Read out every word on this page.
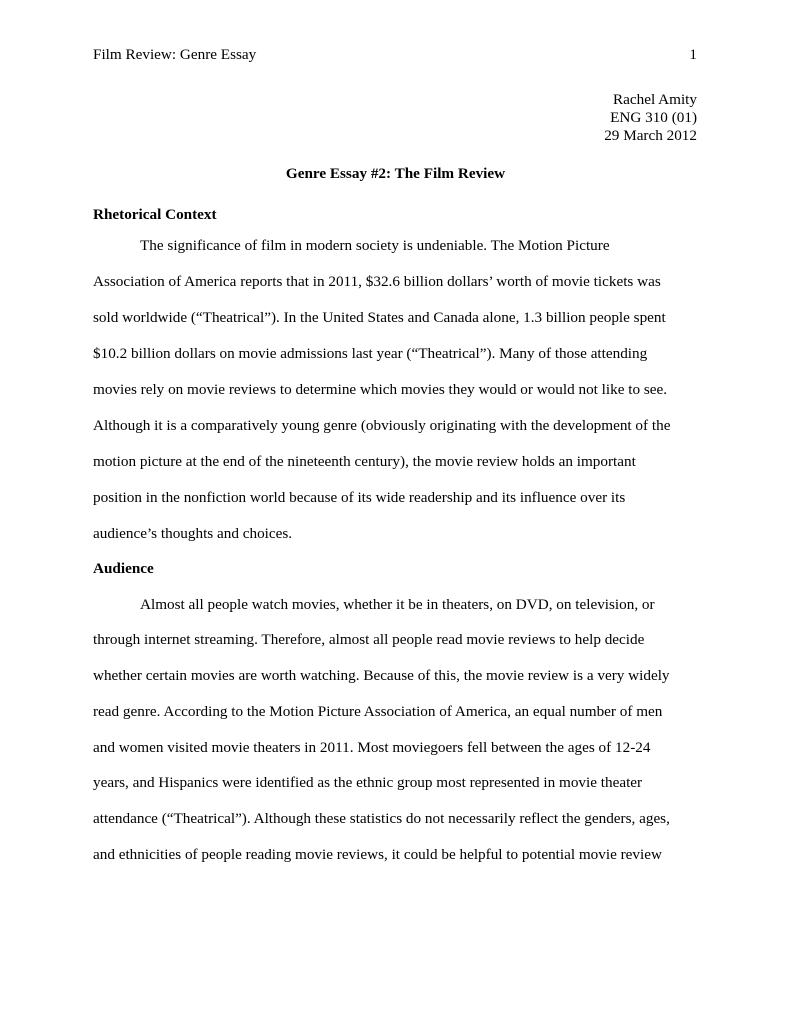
Film Review: Genre Essay	1
Rachel Amity
ENG 310 (01)
29 March 2012
Genre Essay #2: The Film Review
Rhetorical Context
The significance of film in modern society is undeniable. The Motion Picture
Association of America reports that in 2011, $32.6 billion dollars’ worth of movie tickets was
sold worldwide (“Theatrical”). In the United States and Canada alone, 1.3 billion people spent
$10.2 billion dollars on movie admissions last year (“Theatrical”). Many of those attending
movies rely on movie reviews to determine which movies they would or would not like to see.
Although it is a comparatively young genre (obviously originating with the development of the
motion picture at the end of the nineteenth century), the movie review holds an important
position in the nonfiction world because of its wide readership and its influence over its
audience’s thoughts and choices.
Audience
Almost all people watch movies, whether it be in theaters, on DVD, on television, or
through internet streaming. Therefore, almost all people read movie reviews to help decide
whether certain movies are worth watching. Because of this, the movie review is a very widely
read genre. According to the Motion Picture Association of America, an equal number of men
and women visited movie theaters in 2011. Most moviegoers fell between the ages of 12-24
years, and Hispanics were identified as the ethnic group most represented in movie theater
attendance (“Theatrical”). Although these statistics do not necessarily reflect the genders, ages,
and ethnicities of people reading movie reviews, it could be helpful to potential movie review
